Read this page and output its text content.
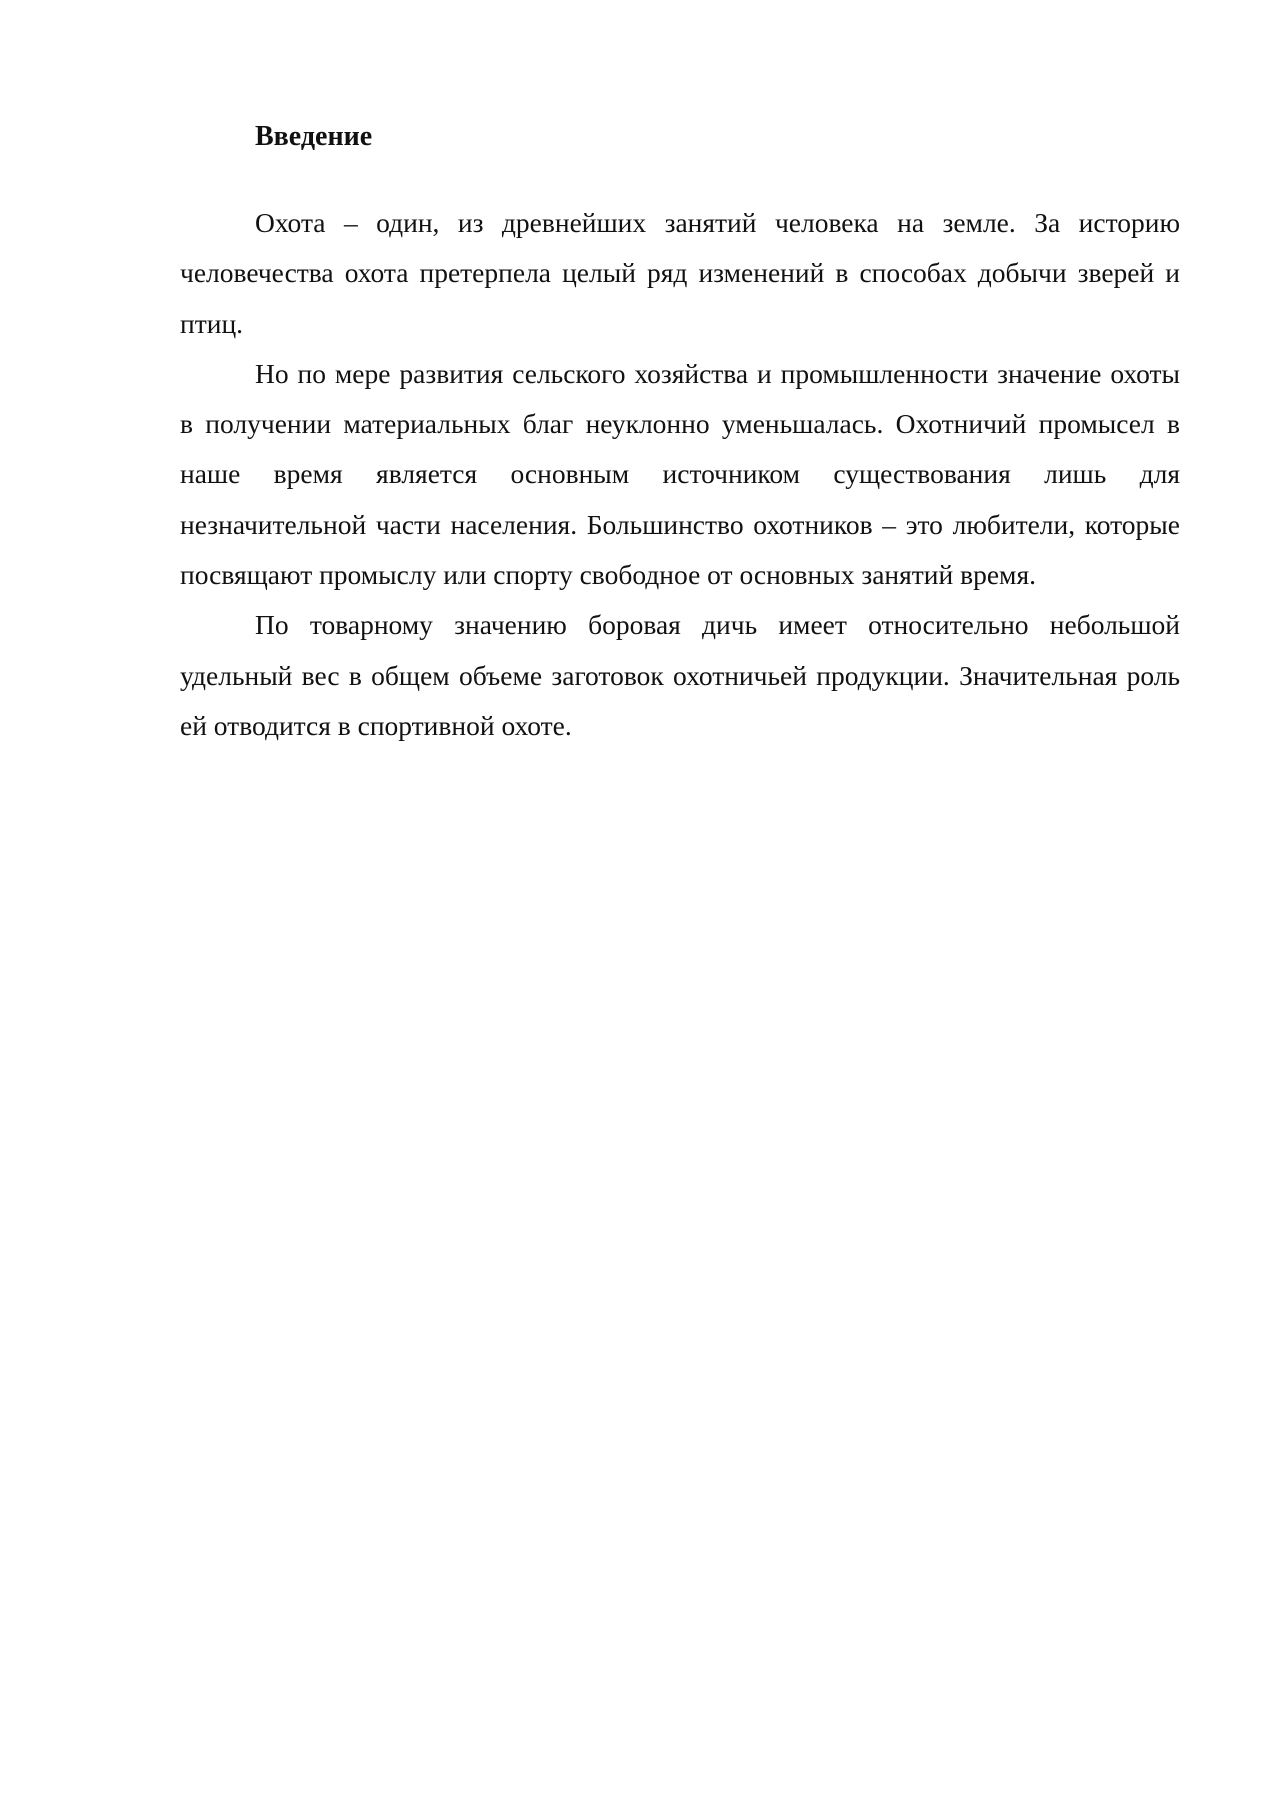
Введение

Охота – один, из древнейших занятий человека на земле. За историю человечества охота претерпела целый ряд изменений в способах добычи зверей и птиц.

Но по мере развития сельского хозяйства и промышленности значение охоты в получении материальных благ неуклонно уменьшалась. Охотничий промысел в наше время является основным источником существования лишь для незначительной части населения. Большинство охотников – это любители, которые посвящают промыслу или спорту свободное от основных занятий время.

По товарному значению боровая дичь имеет относительно небольшой удельный вес в общем объеме заготовок охотничьей продукции. Значительная роль ей отводится в спортивной охоте.
